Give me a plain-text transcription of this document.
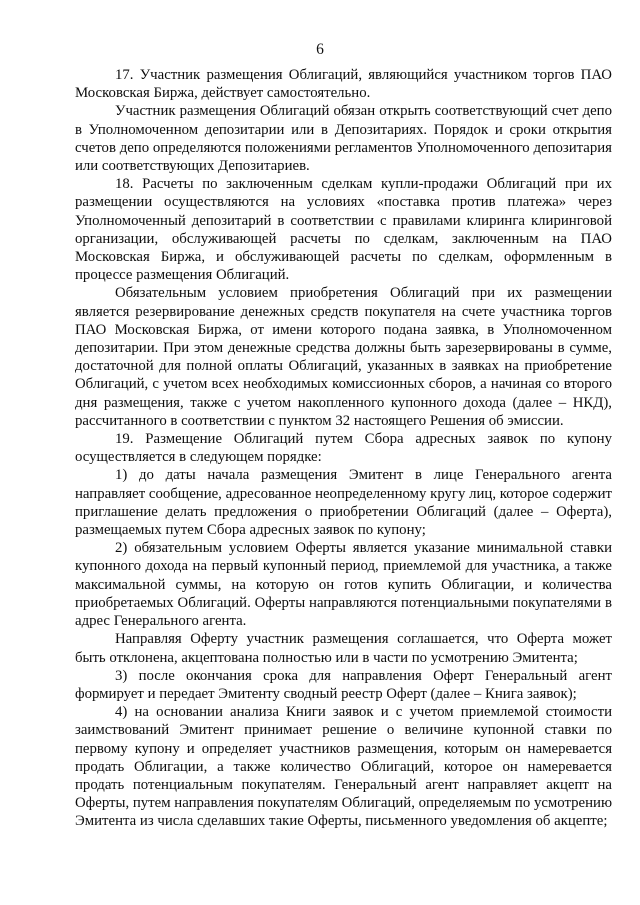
6

17. Участник размещения Облигаций, являющийся участником торгов ПАО Московская Биржа, действует самостоятельно.

Участник размещения Облигаций обязан открыть соответствующий счет депо в Уполномоченном депозитарии или в Депозитариях. Порядок и сроки открытия счетов депо определяются положениями регламентов Уполномоченного депозитария или соответствующих Депозитариев.

18. Расчеты по заключенным сделкам купли-продажи Облигаций при их размещении осуществляются на условиях «поставка против платежа» через Уполномоченный депозитарий в соответствии с правилами клиринга клиринговой организации, обслуживающей расчеты по сделкам, заключенным на ПАО Московская Биржа, и обслуживающей расчеты по сделкам, оформленным в процессе размещения Облигаций.

Обязательным условием приобретения Облигаций при их размещении является резервирование денежных средств покупателя на счете участника торгов ПАО Московская Биржа, от имени которого подана заявка, в Уполномоченном депозитарии. При этом денежные средства должны быть зарезервированы в сумме, достаточной для полной оплаты Облигаций, указанных в заявках на приобретение Облигаций, с учетом всех необходимых комиссионных сборов, а начиная со второго дня размещения, также с учетом накопленного купонного дохода (далее – НКД), рассчитанного в соответствии с пунктом 32 настоящего Решения об эмиссии.

19. Размещение Облигаций путем Сбора адресных заявок по купону осуществляется в следующем порядке:

1) до даты начала размещения Эмитент в лице Генерального агента направляет сообщение, адресованное неопределенному кругу лиц, которое содержит приглашение делать предложения о приобретении Облигаций (далее – Оферта), размещаемых путем Сбора адресных заявок по купону;

2) обязательным условием Оферты является указание минимальной ставки купонного дохода на первый купонный период, приемлемой для участника, а также максимальной суммы, на которую он готов купить Облигации, и количества приобретаемых Облигаций. Оферты направляются потенциальными покупателями в адрес Генерального агента.

Направляя Оферту участник размещения соглашается, что Оферта может быть отклонена, акцептована полностью или в части по усмотрению Эмитента;

3) после окончания срока для направления Оферт Генеральный агент формирует и передает Эмитенту сводный реестр Оферт (далее – Книга заявок);

4) на основании анализа Книги заявок и с учетом приемлемой стоимости заимствований Эмитент принимает решение о величине купонной ставки по первому купону и определяет участников размещения, которым он намеревается продать Облигации, а также количество Облигаций, которое он намеревается продать потенциальным покупателям. Генеральный агент направляет акцепт на Оферты, путем направления покупателям Облигаций, определяемым по усмотрению Эмитента из числа сделавших такие Оферты, письменного уведомления об акцепте;
